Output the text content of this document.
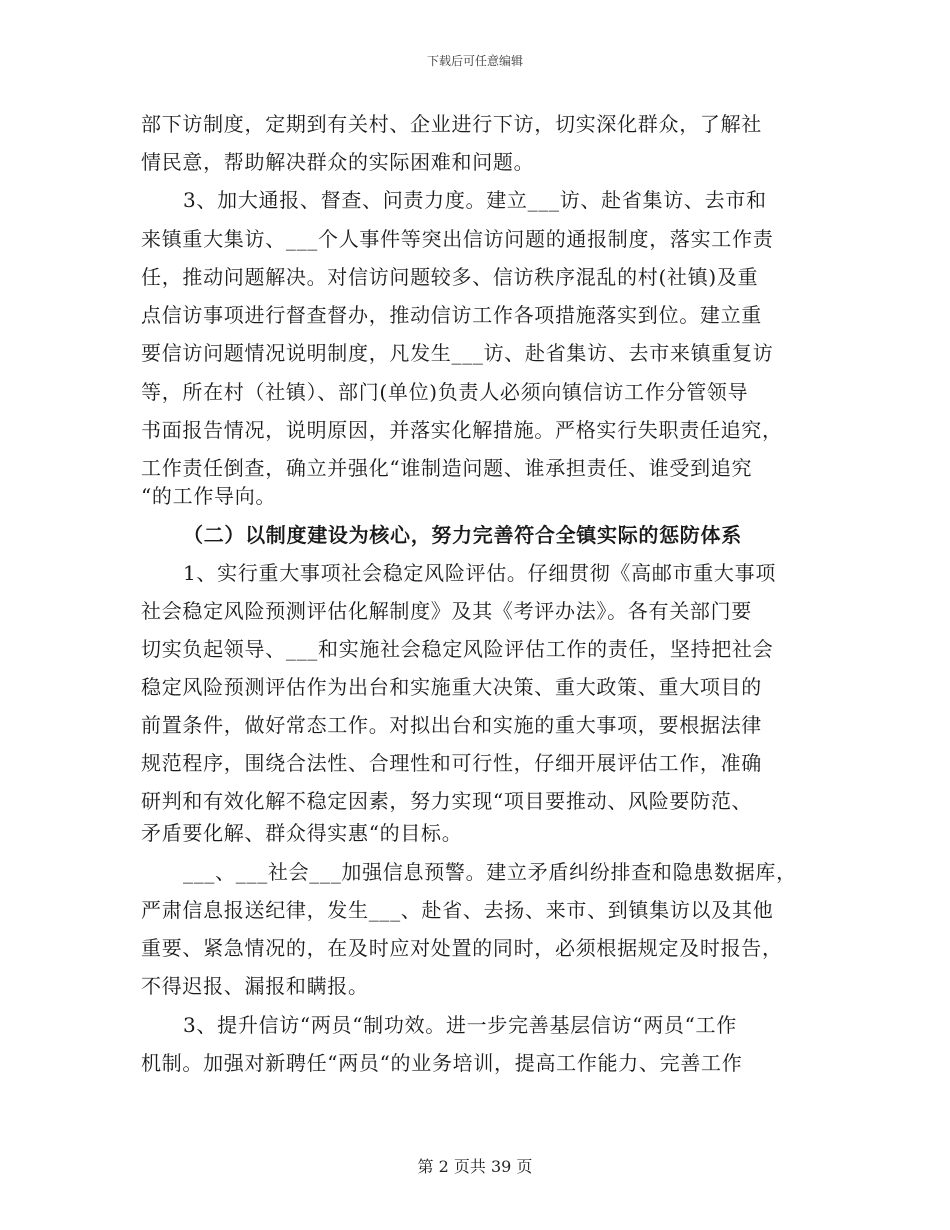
下载后可任意编辑
部下访制度，定期到有关村、企业进行下访，切实深化群众，了解社
情民意，帮助解决群众的实际困难和问题。
3、加大通报、督查、问责力度。建立___访、赴省集访、去市和
来镇重大集访、___个人事件等突出信访问题的通报制度，落实工作责
任，推动问题解决。对信访问题较多、信访秩序混乱的村(社镇)及重
点信访事项进行督查督办，推动信访工作各项措施落实到位。建立重
要信访问题情况说明制度，凡发生___访、赴省集访、去市来镇重复访
等，所在村（社镇）、部门(单位)负责人必须向镇信访工作分管领导
书面报告情况，说明原因，并落实化解措施。严格实行失职责任追究，
工作责任倒查，确立并强化“谁制造问题、谁承担责任、谁受到追究
“的工作导向。
（二）以制度建设为核心，努力完善符合全镇实际的惩防体系
1、实行重大事项社会稳定风险评估。仔细贯彻《高邮市重大事项
社会稳定风险预测评估化解制度》及其《考评办法》。各有关部门要
切实负起领导、___和实施社会稳定风险评估工作的责任，坚持把社会
稳定风险预测评估作为出台和实施重大决策、重大政策、重大项目的
前置条件，做好常态工作。对拟出台和实施的重大事项，要根据法律
规范程序，围绕合法性、合理性和可行性，仔细开展评估工作，准确
研判和有效化解不稳定因素，努力实现“项目要推动、风险要防范、
矛盾要化解、群众得实惠“的目标。
___、___社会___加强信息预警。建立矛盾纠纷排查和隐患数据库，
严肃信息报送纪律，发生___、赴省、去扬、来市、到镇集访以及其他
重要、紧急情况的，在及时应对处置的同时，必须根据规定及时报告，
不得迟报、漏报和瞒报。
3、提升信访“两员“制功效。进一步完善基层信访“两员“工作
机制。加强对新聘任“两员“的业务培训，提高工作能力、完善工作
第 2 页共 39 页
